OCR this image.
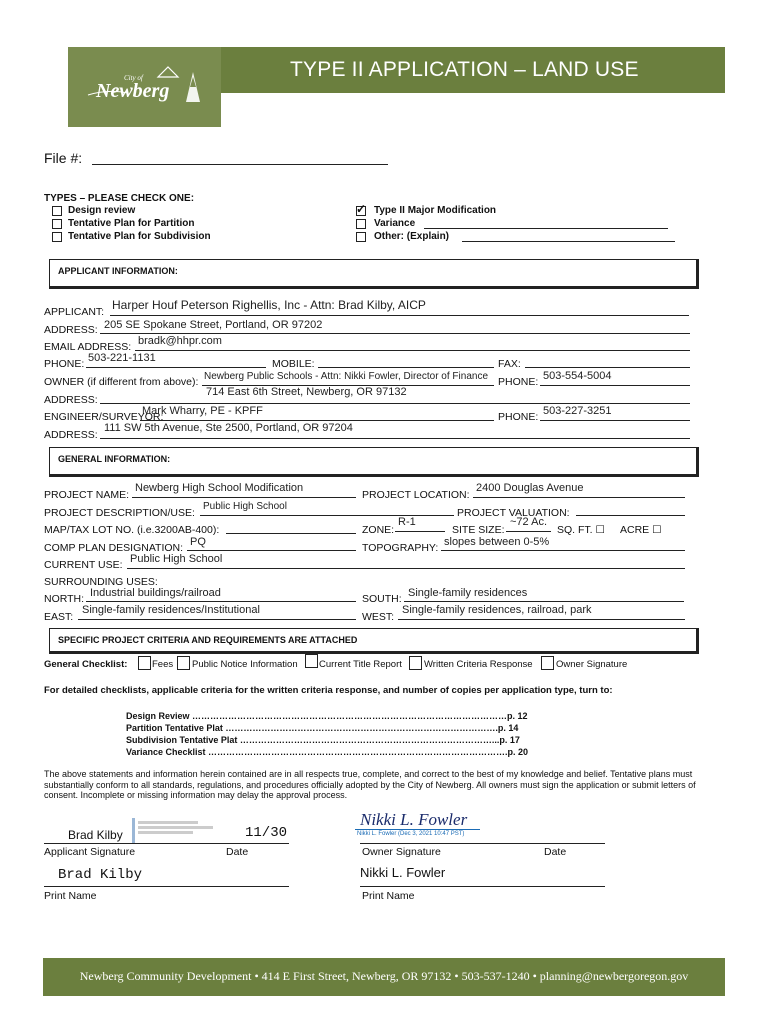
City of
Newberg
TYPE II APPLICATION – LAND USE
File #:
TYPES – PLEASE CHECK ONE:
Design review
Tentative Plan for Partition
Tentative Plan for Subdivision
✓ Type II Major Modification
Variance
Other: (Explain)
APPLICANT INFORMATION:
APPLICANT: Harper Houf Peterson Righellis, Inc - Attn: Brad Kilby, AICP
ADDRESS: 205 SE Spokane Street, Portland, OR 97202
EMAIL ADDRESS: bradk@hhpr.com
PHONE: 503-221-1131	MOBILE:	FAX:
OWNER (if different from above): Newberg Public Schools - Attn: Nikki Fowler, Director of Finance PHONE: 503-554-5004
ADDRESS:
714 East 6th Street, Newberg, OR 97132
ENGINEER/SURVEYOR:
Mark Wharry, PE - KPFF	PHONE: 503-227-3251
ADDRESS:
111 SW 5th Avenue, Ste 2500, Portland, OR 97204
GENERAL INFORMATION:
PROJECT NAME:
Newberg High School Modification
PROJECT LOCATION:
2400 Douglas Avenue
PROJECT DESCRIPTION/USE:
Public High School
PROJECT VALUATION:
MAP/TAX LOT NO. (i.e.3200AB-400):	ZONE:
R-1
SITE SIZE:
~72 Ac.
SQ. FT. ☐ ACRE ☐
COMP PLAN DESIGNATION: PQ	TOPOGRAPHY: slopes between 0-5%
CURRENT USE: Public High School
SURROUNDING USES:
NORTH: Industrial buildings/railroad	SOUTH: Single-family residences
EAST:
Single-family residences/Institutional
WEST:
Single-family residences, railroad, park
SPECIFIC PROJECT CRITERIA AND REQUIREMENTS ARE ATTACHED
General Checklist:	Fees Public Notice Information Current Title Report Written Criteria Response Owner Signature
For detailed checklists, applicable criteria for the written criteria response, and number of copies per application type, turn to:
Design Review ……………………………………………………………………………………………p. 12
Partition Tentative Plat ……………………………………………………………………………….p. 14
Subdivision Tentative Plat …………………………………………………………………………...p. 17
Variance Checklist ……………………………………………………………………………………….p. 20
The above statements and information herein contained are in all respects true, complete, and correct to the best of my knowledge and belief. Tentative plans must substantially conform to all standards, regulations, and procedures officially adopted by the City of Newberg. All owners must sign the application or submit letters of consent. Incomplete or missing information may delay the approval process.
Brad Kilby	11/30
Applicant Signature	Date
Nikki L. Fowler
Nikki L. Fowler (Dec 3, 2021 10:47 PST)
Owner Signature	Date
Brad Kilby
Print Name
Nikki L. Fowler
Print Name
Newberg Community Development • 414 E First Street, Newberg, OR 97132 • 503-537-1240 • planning@newbergoregon.gov
